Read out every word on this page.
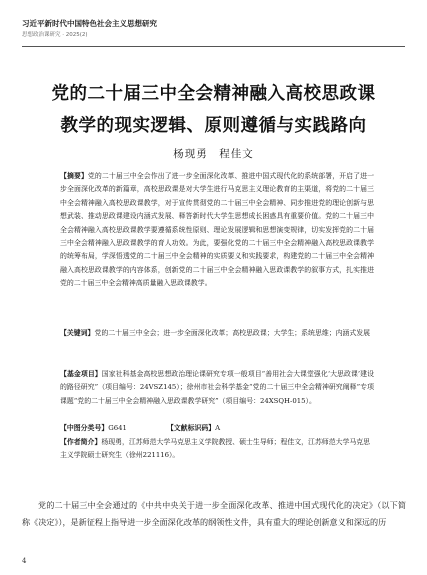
习近平新时代中国特色社会主义思想研究
思想政治课研究 · 2025(2)
党的二十届三中全会精神融入高校思政课
教学的现实逻辑、原则遵循与实践路向
杨现勇　程佳文
【摘要】党的二十届三中全会作出了进一步全面深化改革、推进中国式现代化的系统部署，开启了进一步全面深化改革的新篇章，高校思政课是对大学生进行马克思主义理论教育的主渠道，将党的二十届三中全会精神融入高校思政课教学，对于宣传贯彻党的二十届三中全会精神、同步推进党的理论创新与思想武装、推动思政课建设内涵式发展、释答新时代大学生思想成长困惑具有重要价值。党的二十届三中全会精神融入高校思政课教学要遵循系统性原则、理论发展逻辑和思想演变规律，切实发挥党的二十届三中全会精神融入思政课教学的育人功效。为此，要强化党的二十届三中全会精神融入高校思政课教学的统筹布局，学深悟透党的二十届三中全会精神的实质要义和实践要求，构建党的二十届三中全会精神融入高校思政课教学的内容体系，创新党的二十届三中全会精神融入思政课教学的叙事方式，扎实推进党的二十届三中全会精神高质量融入思政课教学。
【关键词】党的二十届三中全会；进一步全面深化改革；高校思政课；大学生；系统思维；内涵式发展
【基金项目】国家社科基金高校思想政治理论课研究专项一般项目“善用社会大课堂强化‘大思政课’建设的路径研究”（项目编号：24VSZ145）；徐州市社会科学基金“党的二十届三中全会精神研究阐释”专项课题“党的二十届三中全会精神融入思政课教学研究”（项目编号：24XSQH-015）。
【中图分类号】G641	【文献标识码】A
【作者简介】杨现勇，江苏师范大学马克思主义学院教授、硕士生导师；程佳文，江苏师范大学马克思主义学院硕士研究生（徐州221116）。
党的二十届三中全会通过的《中共中央关于进一步全面深化改革、推进中国式现代化的决定》（以下简称《决定》），是新征程上指导进一步全面深化改革的纲领性文件，具有重大的理论创新意义和深远的历
4
